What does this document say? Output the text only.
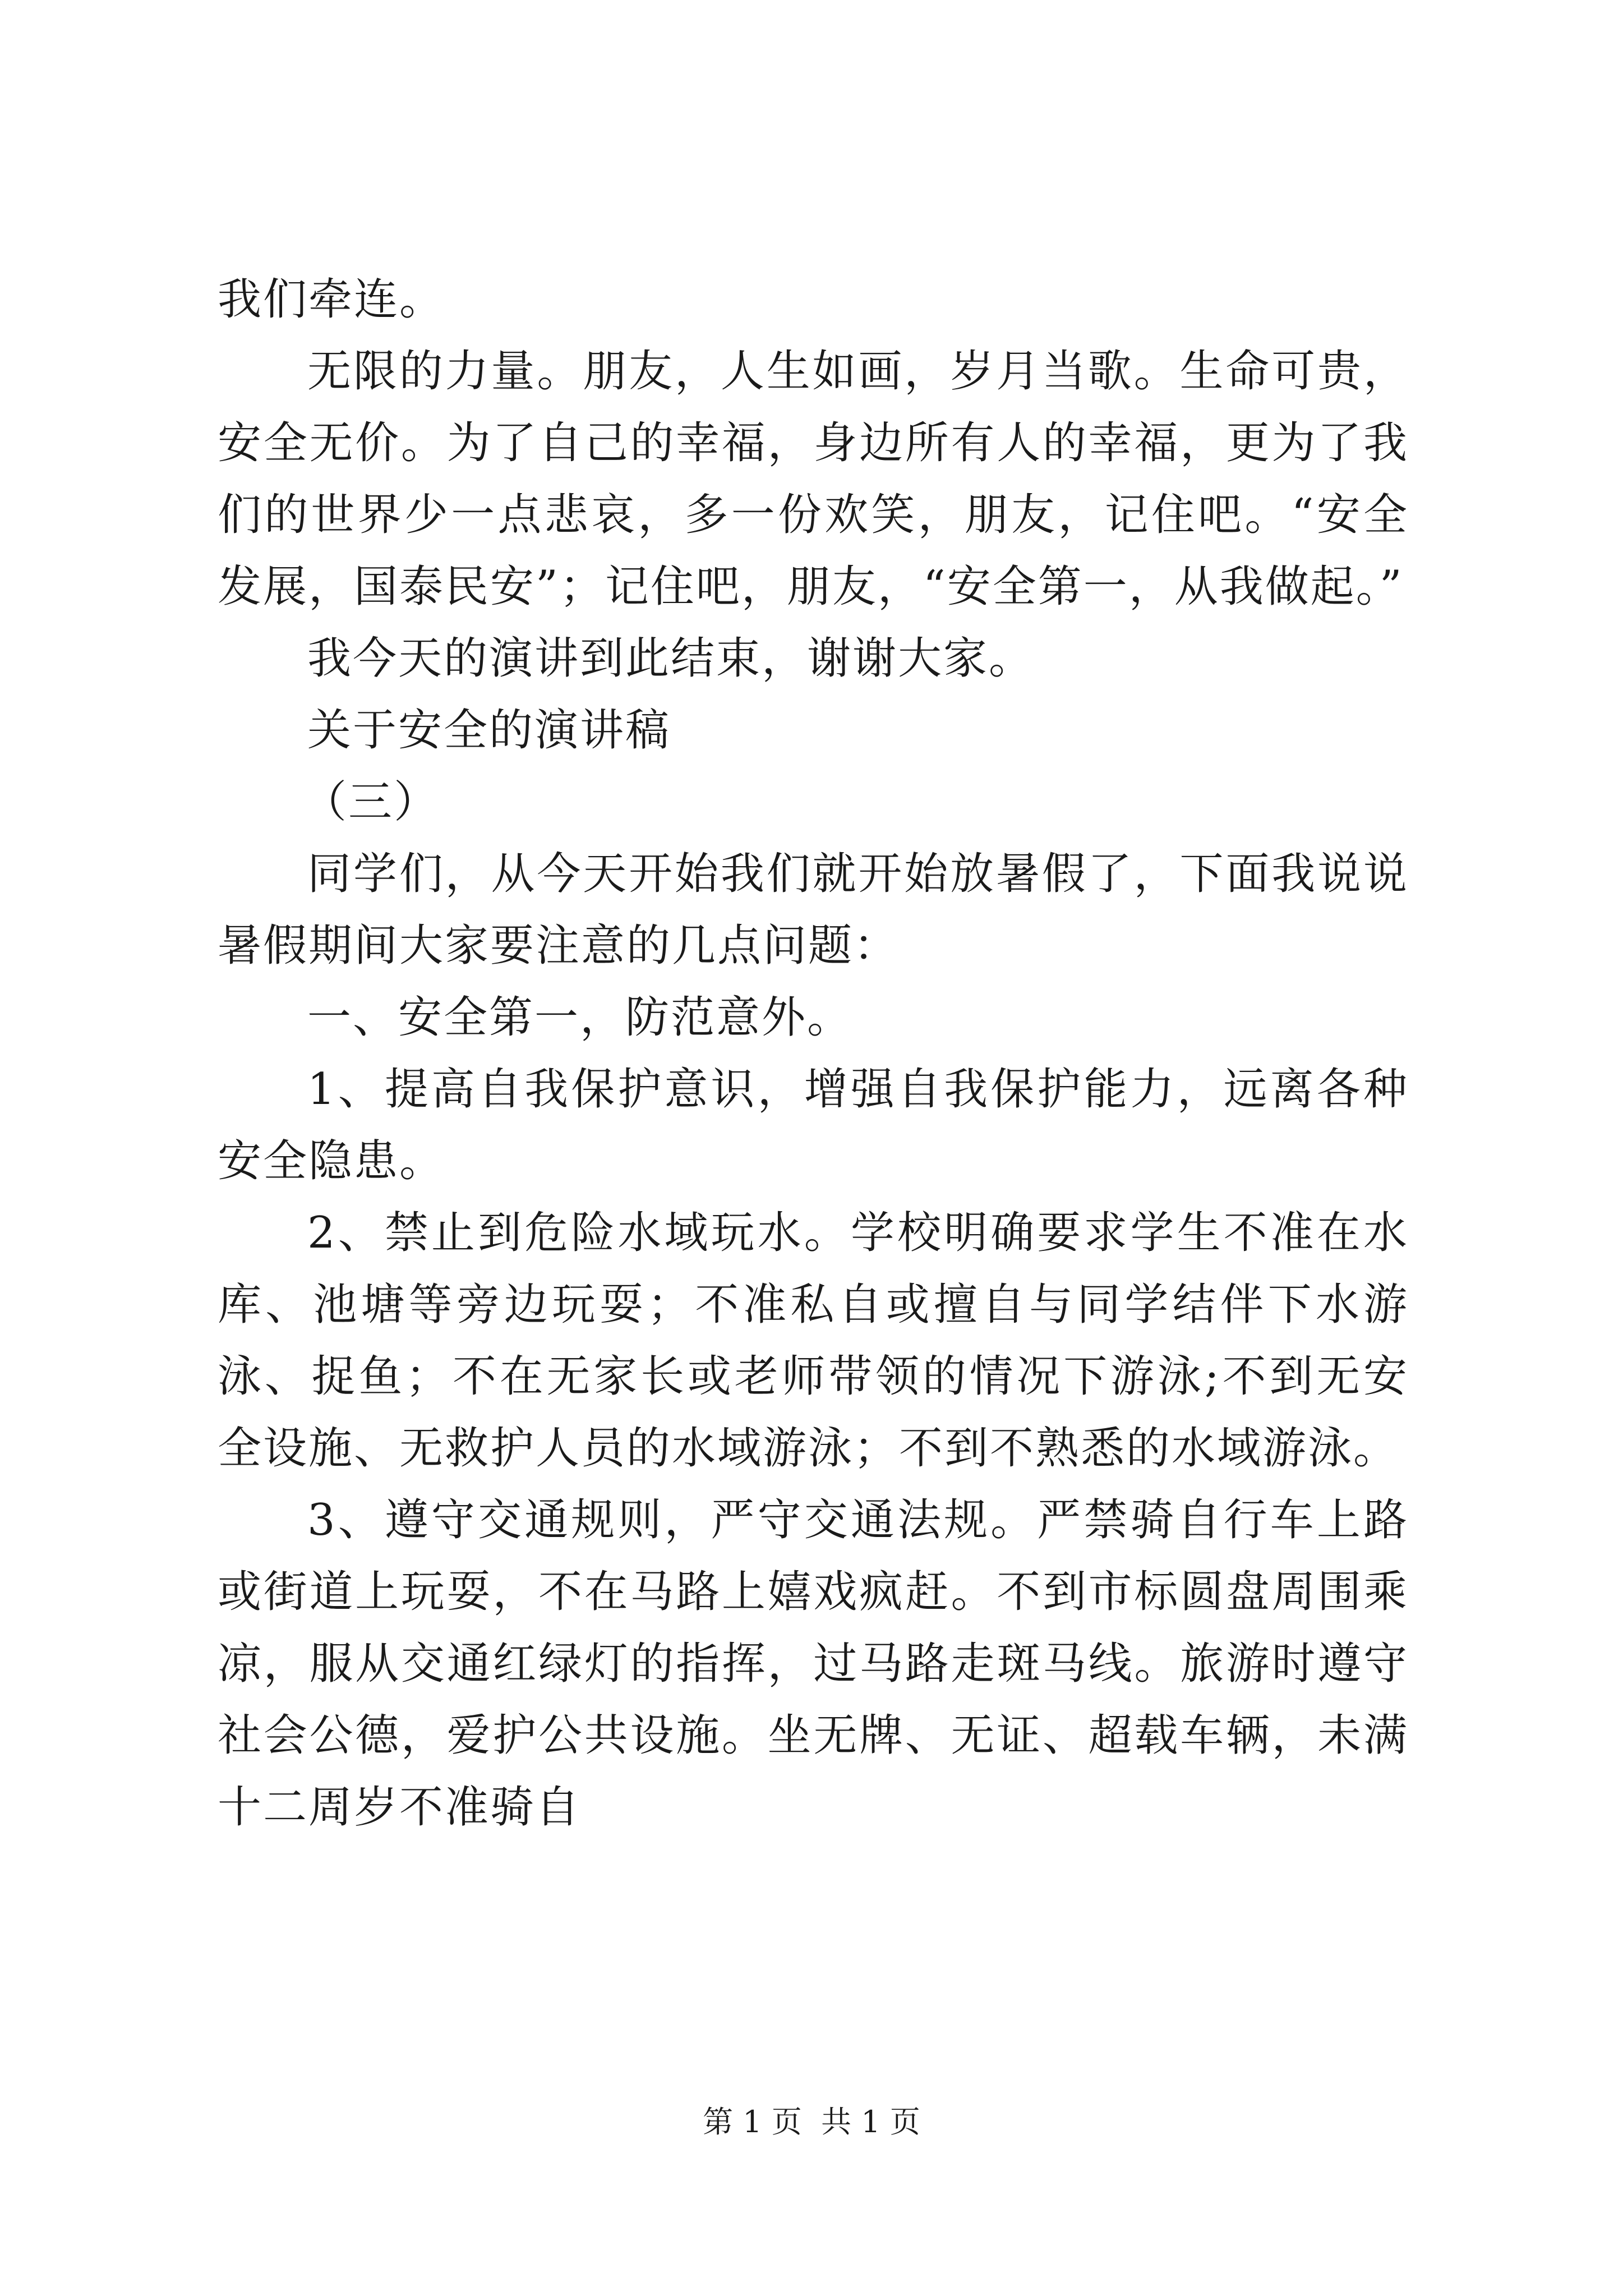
我们牵连。

无限的力量。朋友，人生如画，岁月当歌。生命可贵，安全无价。为了自己的幸福，身边所有人的幸福，更为了我们的世界少一点悲哀，多一份欢笑，朋友，记住吧。“安全发展，国泰民安”；记住吧，朋友，“安全第一，从我做起。”

我今天的演讲到此结束，谢谢大家。

关于安全的演讲稿

（三）

同学们，从今天开始我们就开始放暑假了，下面我说说暑假期间大家要注意的几点问题：

一、安全第一，防范意外。

1、提高自我保护意识，增强自我保护能力，远离各种安全隐患。

2、禁止到危险水域玩水。学校明确要求学生不准在水库、池塘等旁边玩耍；不准私自或擅自与同学结伴下水游泳、捉鱼；不在无家长或老师带领的情况下游泳;不到无安全设施、无救护人员的水域游泳；不到不熟悉的水域游泳。

3、遵守交通规则，严守交通法规。严禁骑自行车上路或街道上玩耍，不在马路上嬉戏疯赶。不到市标圆盘周围乘凉，服从交通红绿灯的指挥，过马路走斑马线。旅游时遵守社会公德，爱护公共设施。坐无牌、无证、超载车辆，未满十二周岁不准骑自

第 1 页  共 1 页
